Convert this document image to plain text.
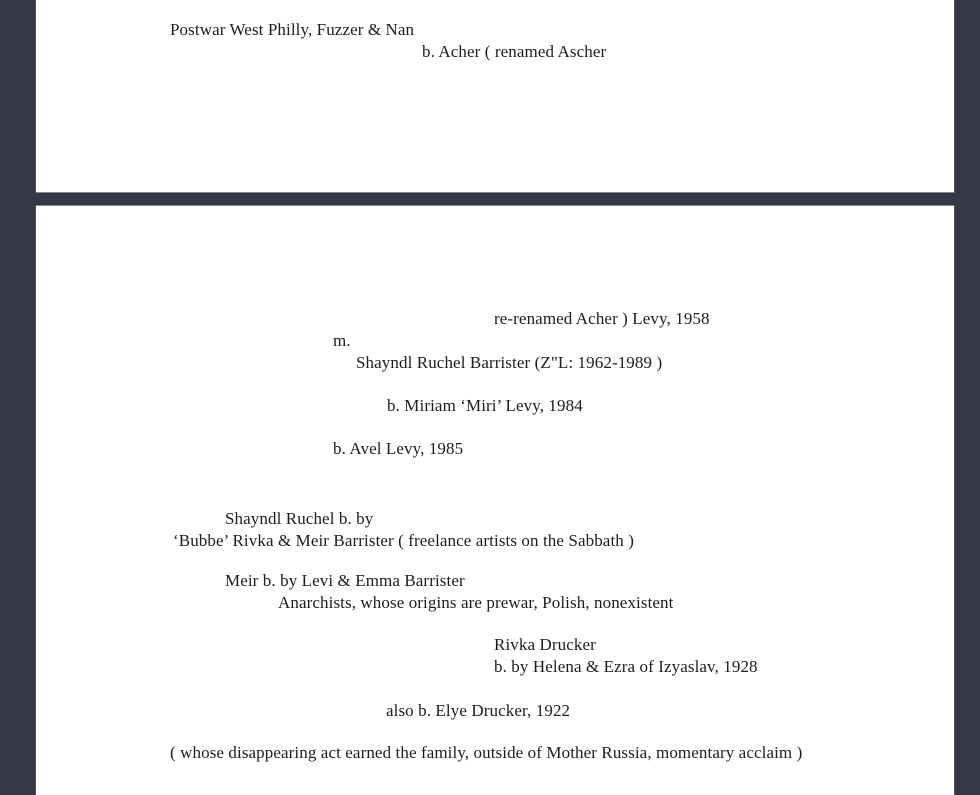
Postwar West Philly, Fuzzer & Nan
b. Acher ( renamed Ascher
re-renamed Acher ) Levy, 1958
m.
Shayndl Ruchel Barrister (Z"L: 1962-1989 )
b. Miriam ‘Miri’ Levy, 1984
b. Avel Levy, 1985
Shayndl Ruchel b. by
‘Bubbe’ Rivka & Meir Barrister ( freelance artists on the Sabbath )
Meir b. by Levi & Emma Barrister
Anarchists, whose origins are prewar, Polish, nonexistent
Rivka Drucker
b. by Helena & Ezra of Izyaslav, 1928
also b. Elye Drucker, 1922
( whose disappearing act earned the family, outside of Mother Russia, momentary acclaim )
